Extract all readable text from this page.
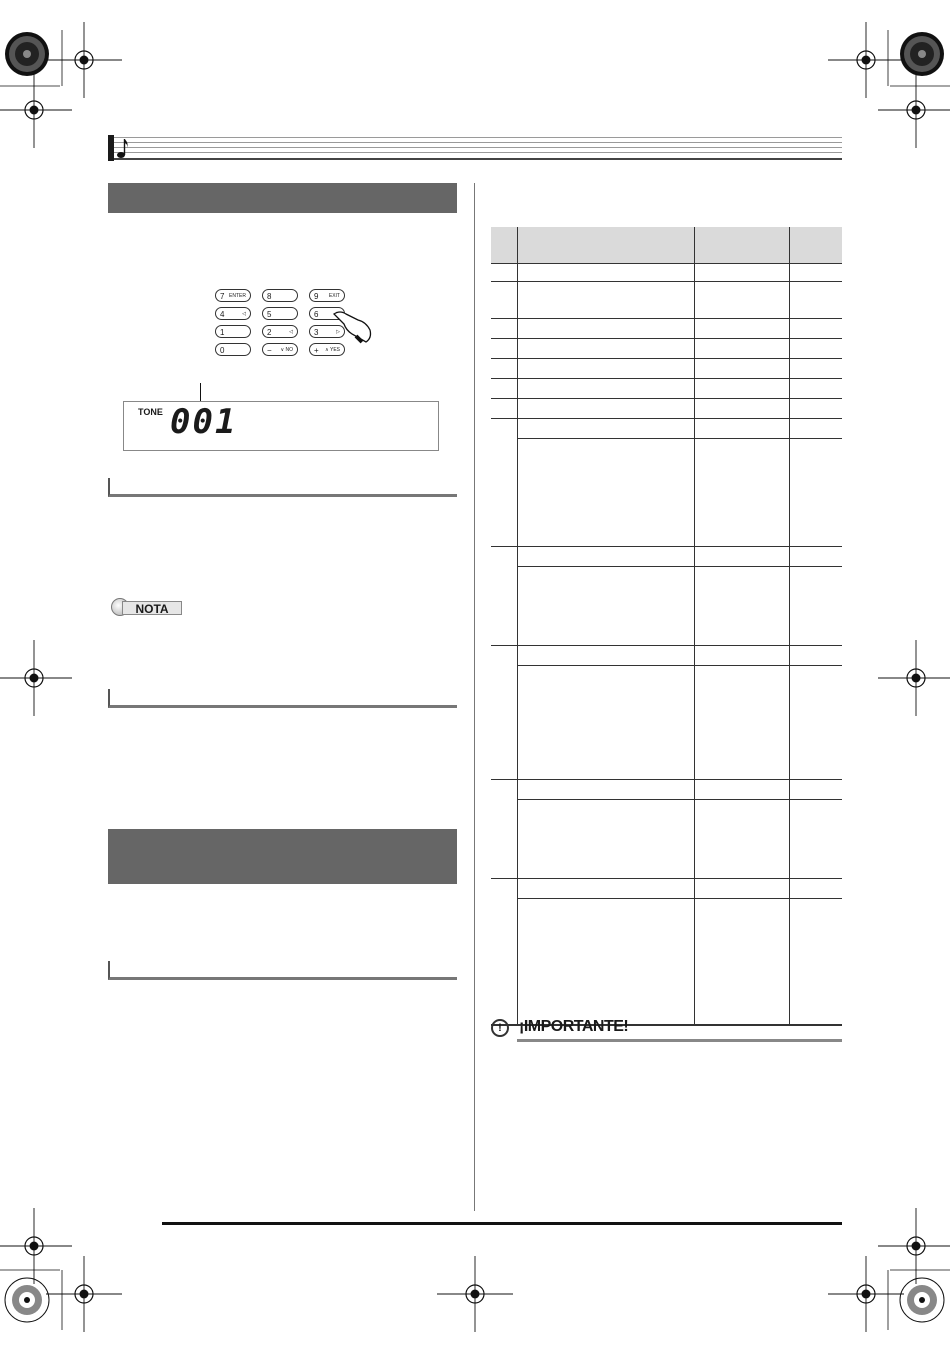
7 ENTER	8	9 EXIT
4	◁	5	6
1	2	◁	3	▷
0	− ∨ NO	+ ∧ YES
TONE 001
NOTA

!	¡IMPORTANTE!
